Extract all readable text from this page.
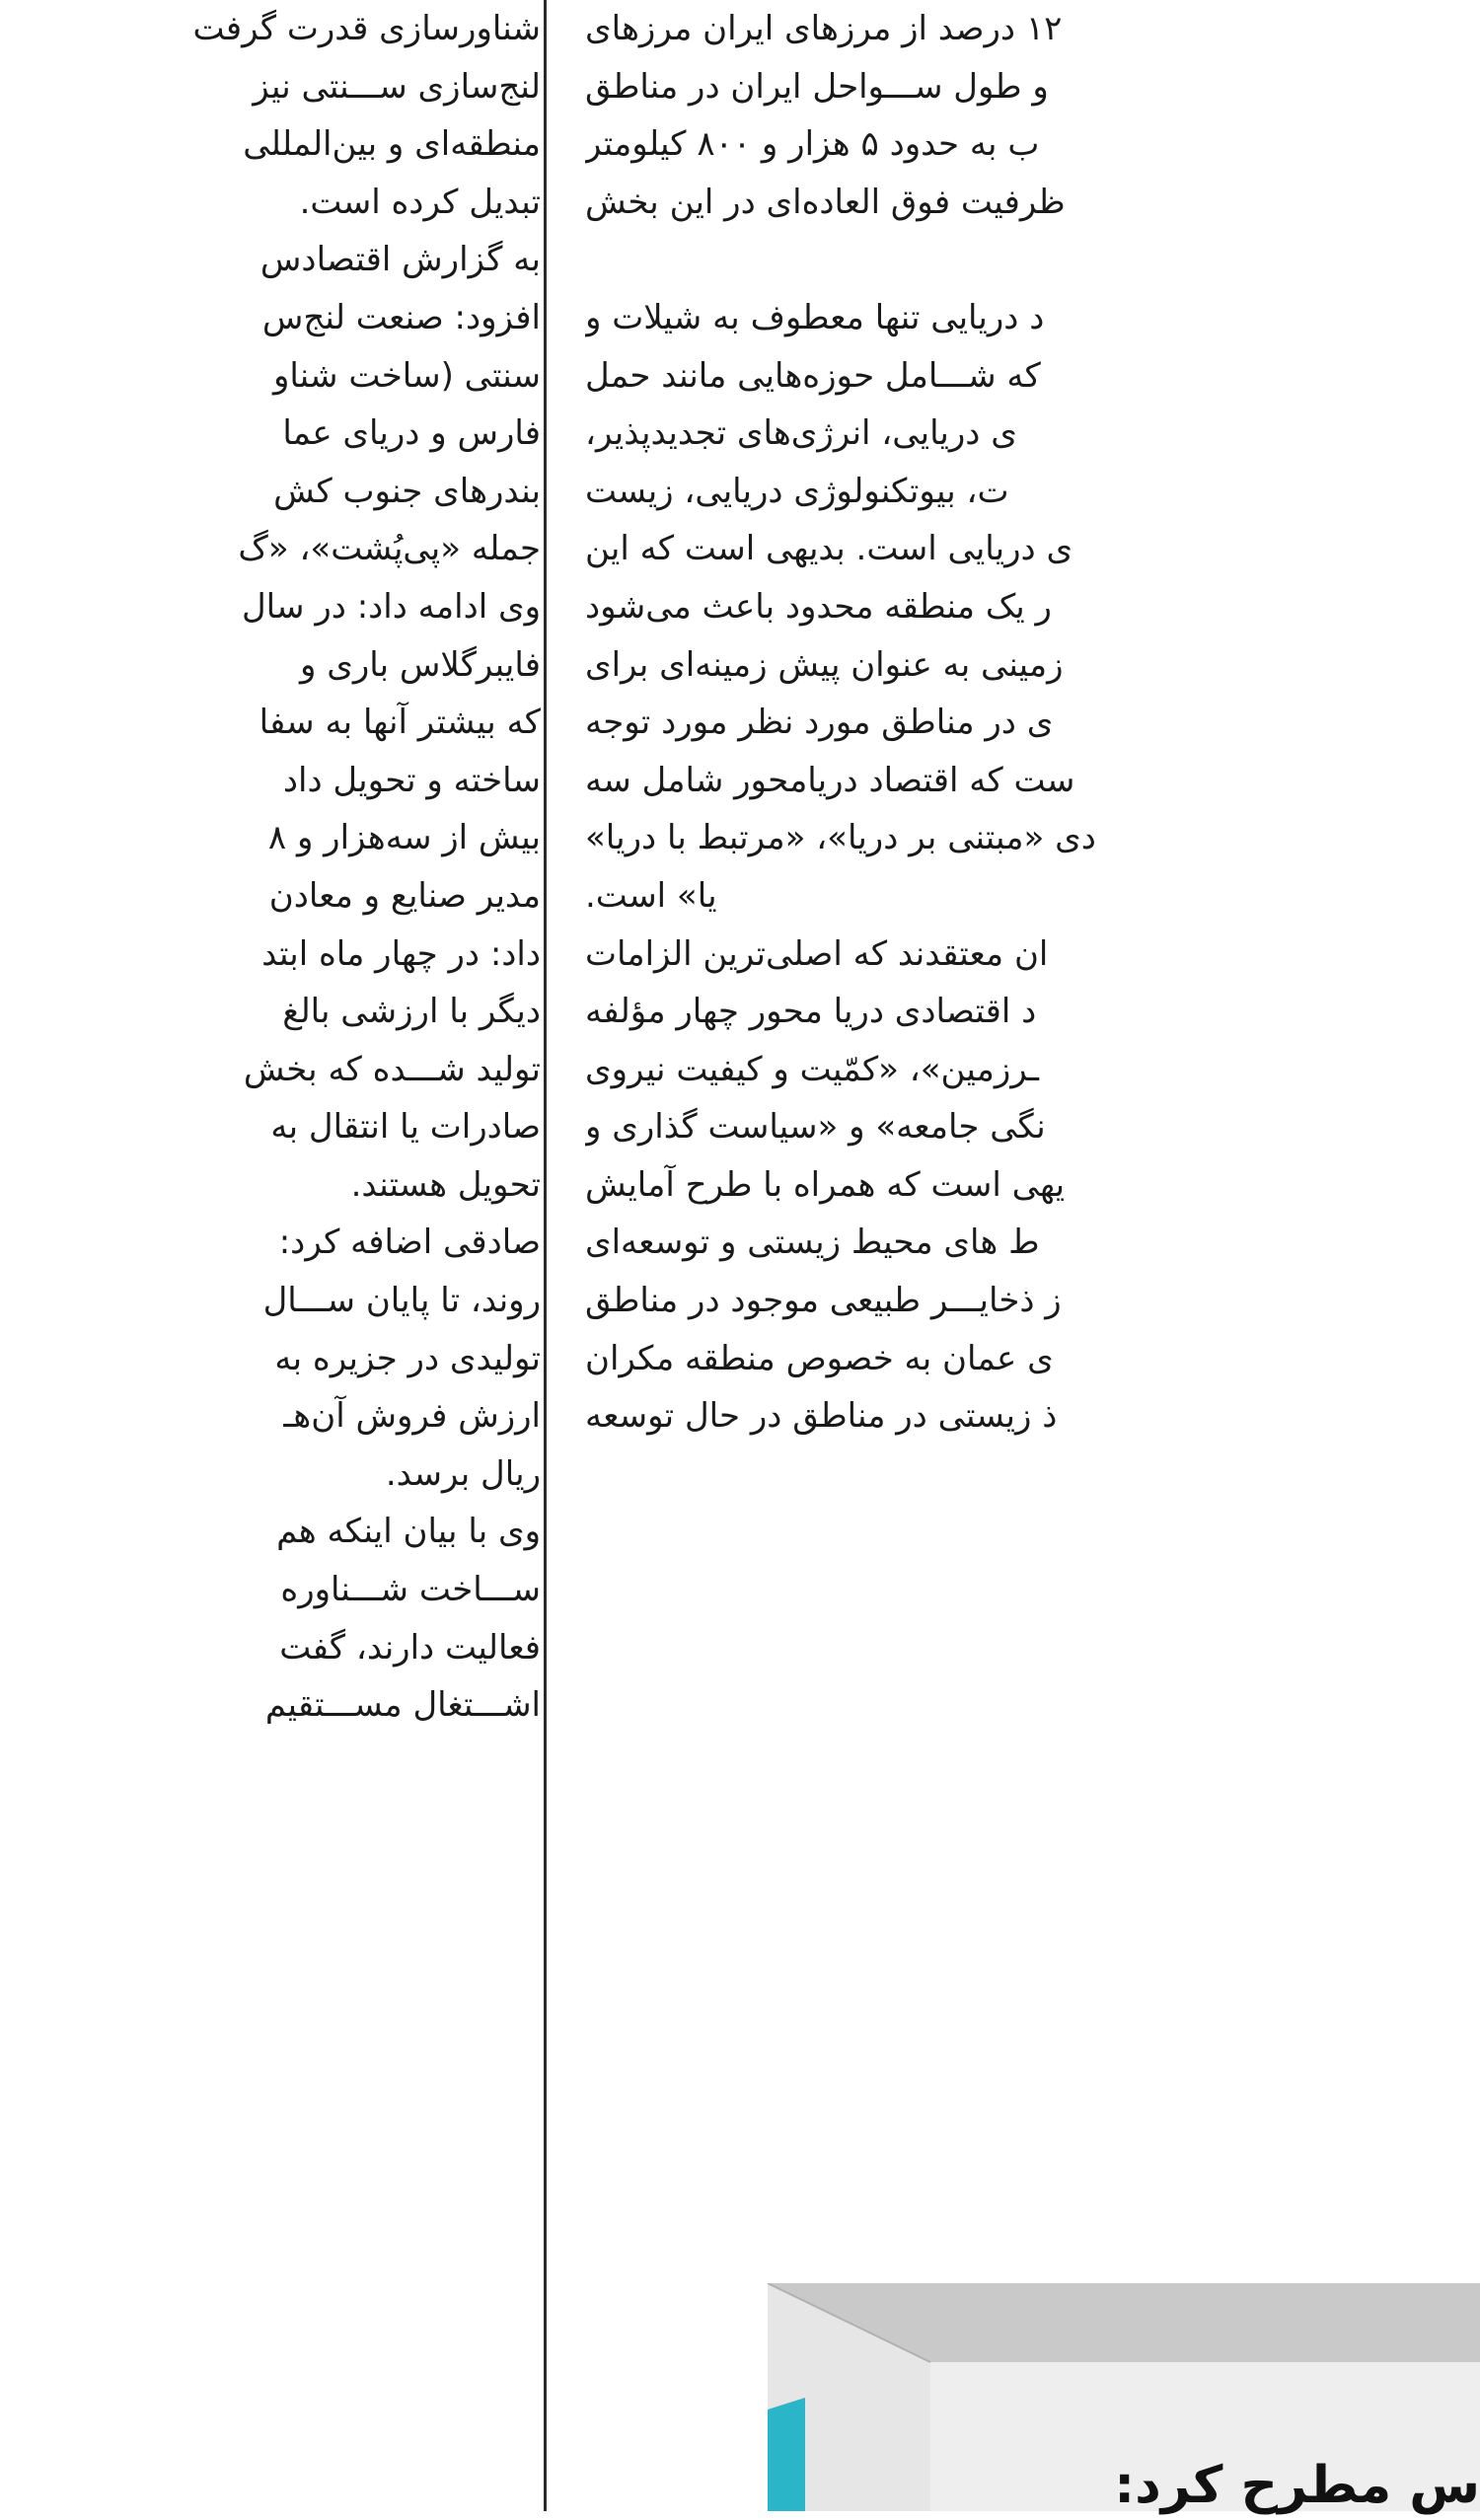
شناورسازی قدرت گرفت

لنج‌سازی ســـنتی نیز

منطقه‌ای و بین‌المللی

تبدیل کرده است.

به گزارش اقتصادس

افزود: صنعت لنج‌س

سنتی (ساخت شناو

فارس و دریای عما

بندرهای جنوب کش

جمله «پی‌پُشت»، «گ

وی ادامه داد: در سال

فایبرگلاس باری و

که بیشتر آنها به سفا

ساخته و تحویل داد

بیش از سه‌هزار و ۸

مدیر صنایع و معادن

داد: در چهار ماه ابتد

دیگر با ارزشی بالغ

تولید شـــده که بخش

صادرات یا انتقال به

تحویل هستند.

صادقی اضافه کرد:

روند، تا پایان ســـال

تولیدی در جزیره به

ارزش فروش آن‌هـ

ریال برسد.

وی با بیان اینکه هم

ســـاخت شـــناوره

فعالیت دارند، گفت

اشـــتغال مســـتقیم

۱۲ درصد از مرزهای ایران مرزهای

و طول ســـواحل ایران در مناطق

ب به حدود ۵ هزار و ۸۰۰ کیلومتر

ظرفیت فوق العاده‌ای در این بخش

د دریایی تنها معطوف به شیلات و

که شـــامل حوزه‌هایی مانند حمل

ی دریایی، انرژی‌های تجدیدپذیر،

ت، بیوتکنولوژی دریایی، زیست

ی دریایی است. بدیهی است که این

ر یک منطقه محدود باعث می‌شود

زمینی به عنوان پیش زمینه‌ای برای

ی در مناطق مورد نظر مورد توجه

ست که اقتصاد دریامحور شامل سه

دی «مبتنی بر دریا»، «مرتبط با دریا»

یا» است.

ان معتقدند که اصلی‌ترین الزامات

د اقتصادی دریا محور چهار مؤلفه

ـرزمین»، «کمّیت و کیفیت نیروی

نگی جامعه» و «سیاست گذاری و

یهی است که همراه با طرح آمایش

ط های محیط زیستی و توسعه‌ای

ز ذخایـــر طبیعی موجود در مناطق

ی عمان به خصوص منطقه مکران

ذ زیستی در مناطق در حال توسعه

س مطرح کرد:
